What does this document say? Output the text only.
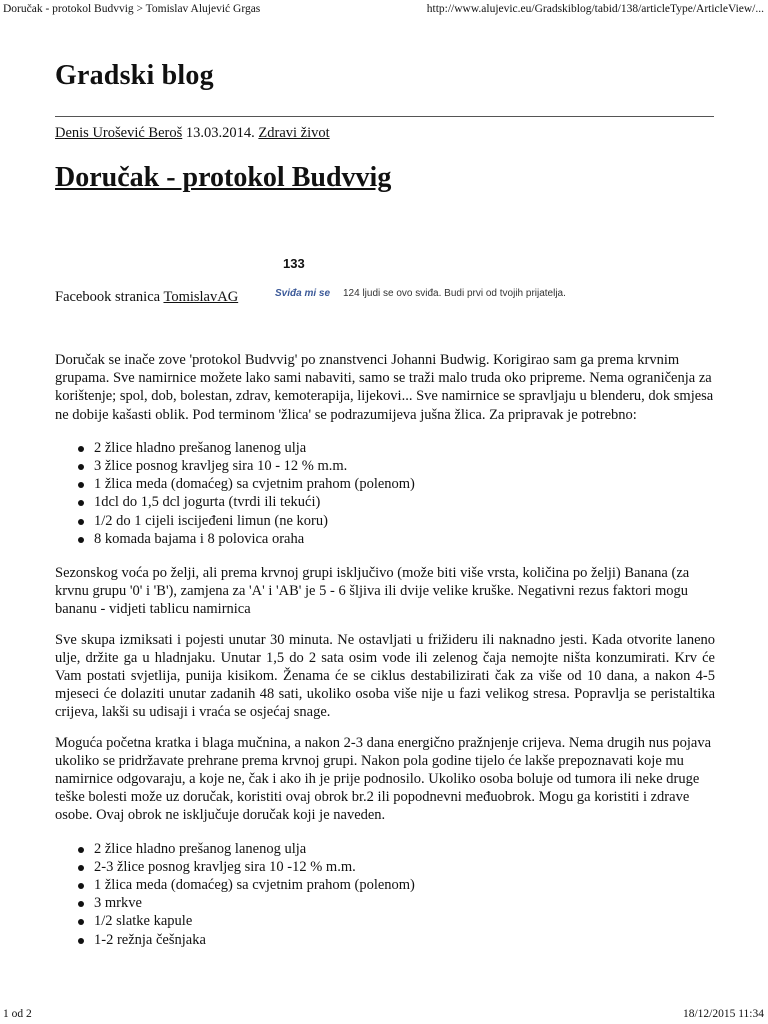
Doručak - protokol Budvvig > Tomislav Alujević Grgas	http://www.alujevic.eu/Gradskiblog/tabid/138/articleType/ArticleView/...
Gradski blog
Denis Urošević Beroš 13.03.2014. Zdravi život
Doručak - protokol Budvvig
133
Facebook stranica TomislavAG	Sviđa mi se 124 ljudi se ovo sviđa. Budi prvi od tvojih prijatelja.

Doručak se inače zove 'protokol Budvvig' po znanstvenci Johanni Budwig. Korigirao sam ga prema krvnim grupama. Sve namirnice možete lako sami nabaviti, samo se traži malo truda oko pripreme. Nema ograničenja za korištenje; spol, dob, bolestan, zdrav, kemoterapija, lijekovi... Sve namirnice se spravljaju u blenderu, dok smjesa ne dobije kašasti oblik. Pod terminom 'žlica' se podrazumijeva jušna žlica. Za pripravak je potrebno:

2 žlice hladno prešanog lanenog ulja
3 žlice posnog kravljeg sira 10 - 12 % m.m.
1 žlica meda (domaćeg) sa cvjetnim prahom (polenom)
1dcl do 1,5 dcl jogurta (tvrdi ili tekući)
1/2 do 1 cijeli iscijeđeni limun (ne koru)
8 komada bajama i 8 polovica oraha

Sezonskog voća po želji, ali prema krvnoj grupi isključivo (može biti više vrsta, količina po želji) Banana (za krvnu grupu '0' i 'B'), zamjena za 'A' i 'AB' je 5 - 6 šljiva ili dvije velike kruške. Negativni rezus faktori mogu bananu - vidjeti tablicu namirnica

Sve skupa izmiksati i pojesti unutar 30 minuta. Ne ostavljati u frižideru ili naknadno jesti. Kada otvorite laneno ulje, držite ga u hladnjaku. Unutar 1,5 do 2 sata osim vode ili zelenog čaja nemojte ništa konzumirati. Krv će Vam postati svjetlija, punija kisikom. Ženama će se ciklus destabilizirati čak za više od 10 dana, a nakon 4-5 mjeseci će dolaziti unutar zadanih 48 sati, ukoliko osoba više nije u fazi velikog stresa. Popravlja se peristaltika crijeva, lakši su udisaji i vraća se osjećaj snage.

Moguća početna kratka i blaga mučnina, a nakon 2-3 dana energično pražnjenje crijeva. Nema drugih nus pojava ukoliko se pridržavate prehrane prema krvnoj grupi. Nakon pola godine tijelo će lakše prepoznavati koje mu namirnice odgovaraju, a koje ne, čak i ako ih je prije podnosilo. Ukoliko osoba boluje od tumora ili neke druge teške bolesti može uz doručak, koristiti ovaj obrok br.2 ili popodnevni međuobrok. Mogu ga koristiti i zdrave osobe. Ovaj obrok ne isključuje doručak koji je naveden.

2 žlice hladno prešanog lanenog ulja
2-3 žlice posnog kravljeg sira 10 -12 % m.m.
1 žlica meda (domaćeg) sa cvjetnim prahom (polenom)
3 mrkve
1/2 slatke kapule
1-2 režnja češnjaka
1 od 2	18/12/2015 11:34
